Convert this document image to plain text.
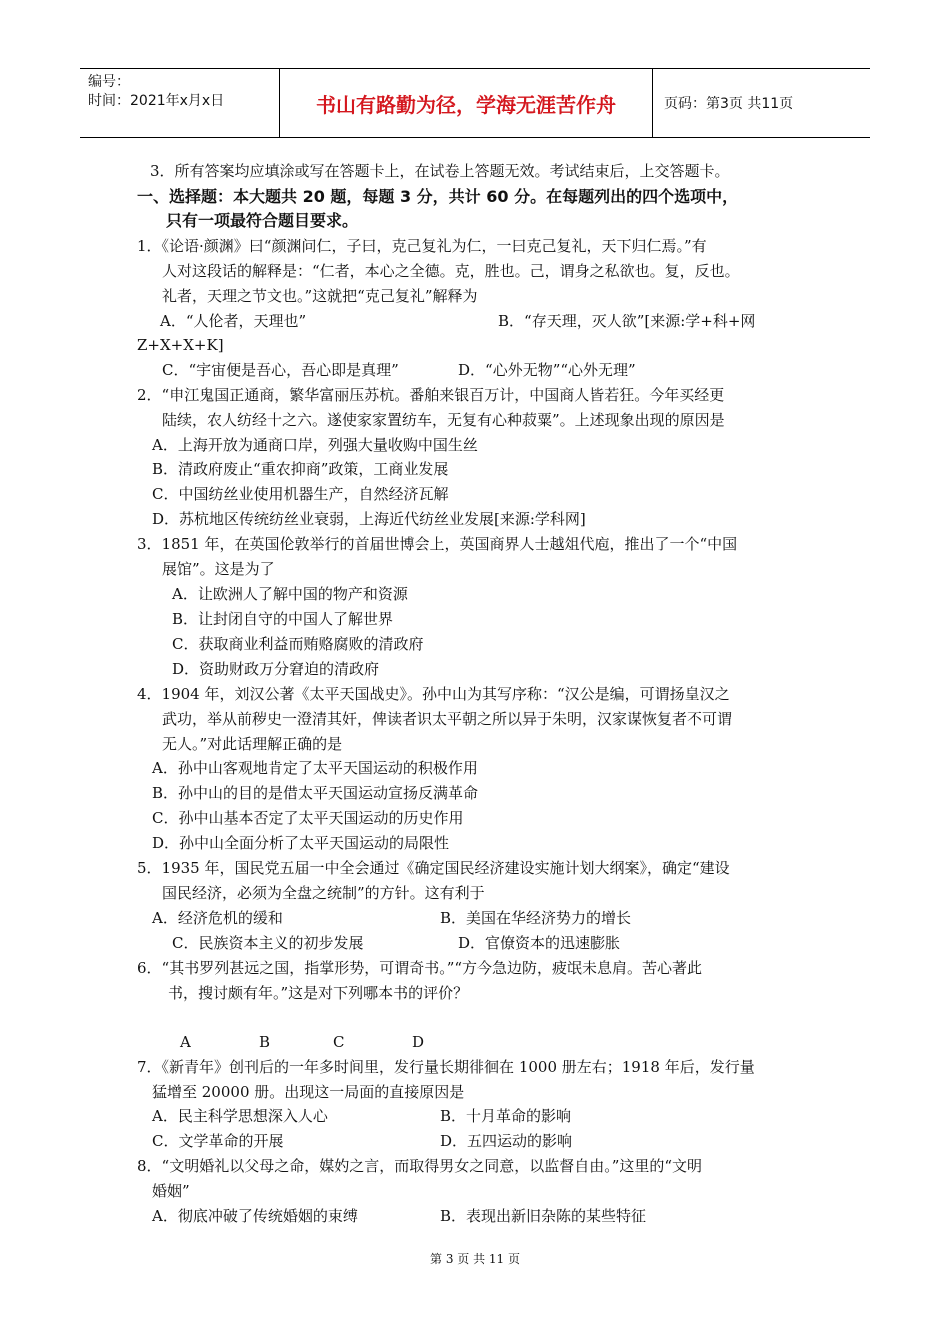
编号：
时间：2021年x月x日	书山有路勤为径，学海无涯苦作舟	页码：第3页 共11页
3．所有答案均应填涂或写在答题卡上，在试卷上答题无效。考试结束后，上交答题卡。
一、选择题：本大题共 20 题，每题 3 分，共计 60 分。在每题列出的四个选项中，
只有一项最符合题目要求。
1．《论语·颜渊》曰“颜渊问仁，子曰，克己复礼为仁，一曰克己复礼，天下归仁焉。”有
人对这段话的解释是：“仁者，本心之全德。克，胜也。己，谓身之私欲也。复，反也。
礼者，天理之节文也。”这就把“克己复礼”解释为
A．“人伦者，天理也”	B．“存天理，灭人欲”[来源:学+科+网
Z+X+X+K]
C．“宇宙便是吾心，吾心即是真理”	D．“心外无物”“心外无理”
2．“申江鬼国正通商，繁华富丽压苏杭。番舶来银百万计，中国商人皆若狂。今年买经更
陆续，农人纺经十之六。遂使家家置纺车，无复有心种菽粟”。上述现象出现的原因是
A．上海开放为通商口岸，列强大量收购中国生丝
B．清政府废止“重农抑商”政策，工商业发展
C．中国纺丝业使用机器生产，自然经济瓦解
D．苏杭地区传统纺丝业衰弱，上海近代纺丝业发展[来源:学科网]
3．1851 年，在英国伦敦举行的首届世博会上，英国商界人士越俎代庖，推出了一个“中国
展馆”。这是为了
A．让欧洲人了解中国的物产和资源
B．让封闭自守的中国人了解世界
C．获取商业利益而贿赂腐败的清政府
D．资助财政万分窘迫的清政府
4．1904 年，刘汉公著《太平天国战史》。孙中山为其写序称：“汉公是编，可谓扬皇汉之
武功，举从前秽史一澄清其奸，俾读者识太平朝之所以异于朱明，汉家谋恢复者不可谓
无人。”对此话理解正确的是
A．孙中山客观地肯定了太平天国运动的积极作用
B．孙中山的目的是借太平天国运动宣扬反满革命
C．孙中山基本否定了太平天国运动的历史作用
D．孙中山全面分析了太平天国运动的局限性
5．1935 年，国民党五届一中全会通过《确定国民经济建设实施计划大纲案》，确定“建设
国民经济，必须为全盘之统制”的方针。这有利于
A．经济危机的缓和	B．美国在华经济势力的增长
C．民族资本主义的初步发展	D．官僚资本的迅速膨胀
6．“其书罗列甚远之国，指掌形势，可谓奇书。”“方今急边防，疲氓未息肩。苦心著此
书，搜讨颇有年。”这是对下列哪本书的评价？
A	B	C	D
7．《新青年》创刊后的一年多时间里，发行量长期徘徊在 1000 册左右；1918 年后，发行量
猛增至 20000 册。出现这一局面的直接原因是
A．民主科学思想深入人心	B．十月革命的影响
C．文学革命的开展	D．五四运动的影响
8．“文明婚礼以父母之命，媒妁之言，而取得男女之同意，以监督自由。”这里的“文明
婚姻”
A．彻底冲破了传统婚姻的束缚	B．表现出新旧杂陈的某些特征
第 3 页 共 11 页
